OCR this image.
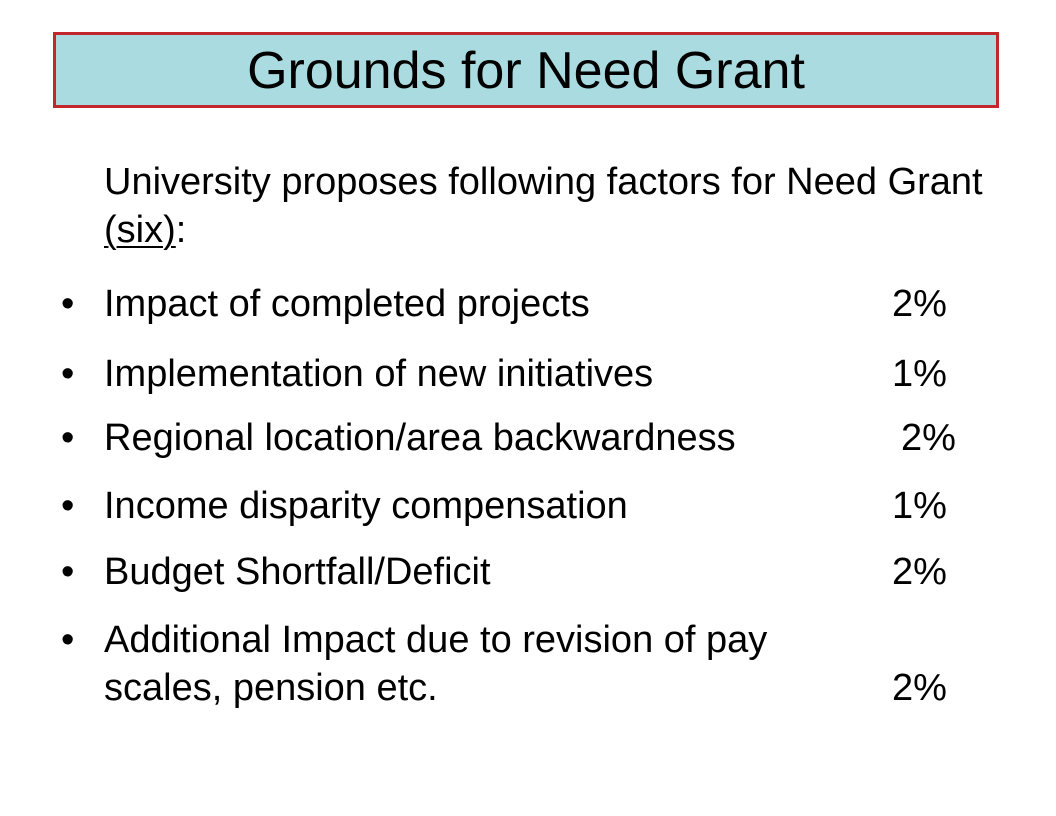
Grounds for Need Grant
University proposes following factors for Need Grant (six):
• Impact of completed projects	2%
• Implementation of new initiatives	1%
• Regional location/area backwardness	2%
• Income disparity compensation	1%
• Budget Shortfall/Deficit	2%
• Additional Impact due to revision of pay
scales, pension etc.	2%
